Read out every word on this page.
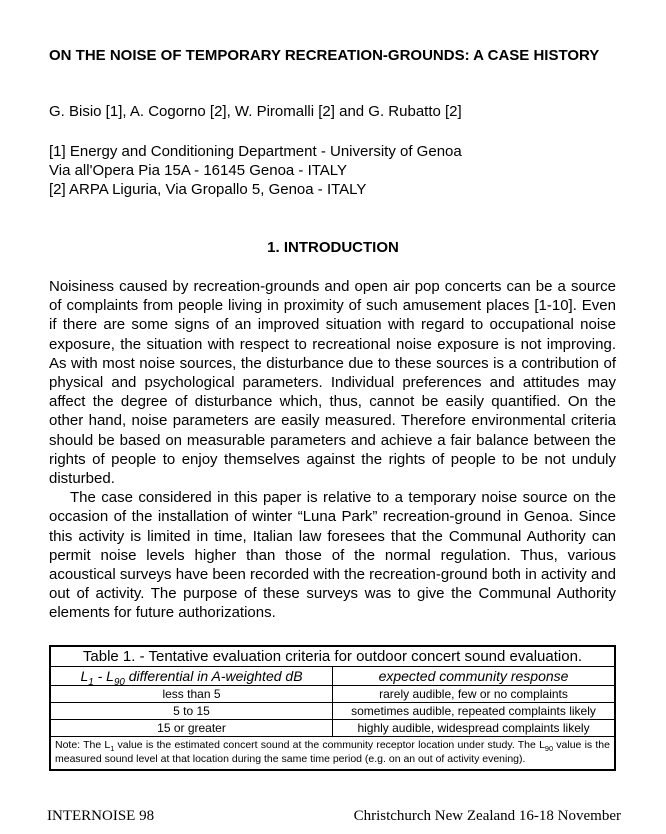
ON THE NOISE OF TEMPORARY RECREATION-GROUNDS: A CASE HISTORY

G. Bisio [1], A. Cogorno [2], W. Piromalli [2] and G. Rubatto [2]

[1] Energy and Conditioning Department - University of Genoa
Via all'Opera Pia 15A - 16145 Genoa - ITALY
[2] ARPA Liguria, Via Gropallo 5, Genoa - ITALY
1. INTRODUCTION

Noisiness caused by recreation-grounds and open air pop concerts can be a source of complaints from people living in proximity of such amusement places [1-10]. Even if there are some signs of an improved situation with regard to occupational noise exposure, the situation with respect to recreational noise exposure is not improving. As with most noise sources, the disturbance due to these sources is a contribution of physical and psychological parameters. Individual preferences and attitudes may affect the degree of disturbance which, thus, cannot be easily quantified. On the other hand, noise parameters are easily measured. Therefore environmental criteria should be based on measurable parameters and achieve a fair balance between the rights of people to enjoy themselves against the rights of people to be not unduly disturbed.

The case considered in this paper is relative to a temporary noise source on the occasion of the installation of winter “Luna Park” recreation-ground in Genoa. Since this activity is limited in time, Italian law foresees that the Communal Authority can permit noise levels higher than those of the normal regulation. Thus, various acoustical surveys have been recorded with the recreation-ground both in activity and out of activity. The purpose of these surveys was to give the Communal Authority elements for future authorizations.

Table 1. - Tentative evaluation criteria for outdoor concert sound evaluation.	
$L_1 - L_{90}$ differential in A-weighted dB	expected community response
less than 5	rarely audible, few or no complaints
5 to 15	sometimes audible, repeated complaints likely
15 or greater	highly audible, widespread complaints likely
Note: The $L_1$ value is the estimated concert sound at the community receptor location under study. The $L_{90}$ value is the measured sound level at that location during the same time period (e.g. on an out of activity evening).	
INTERNOISE 98	Christchurch New Zealand 16-18 November
